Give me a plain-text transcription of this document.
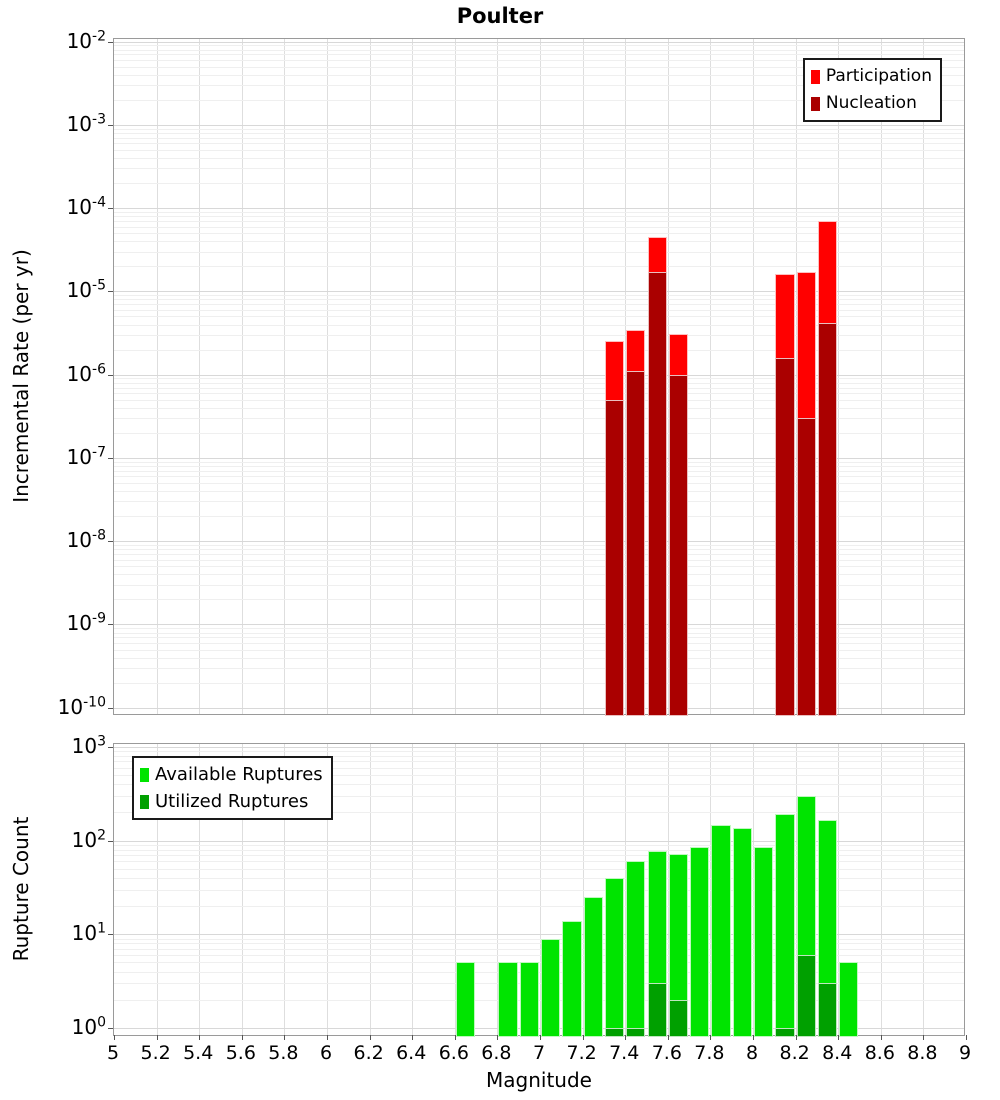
Poulter
Incremental Rate (per yr)
Rupture Count
Participation
Nucleation
Available Ruptures
Utilized Ruptures
Magnitude
$10^{-10}$
$10^{-9}$
$10^{-8}$
$10^{-7}$
$10^{-6}$
$10^{-5}$
$10^{-4}$
$10^{-3}$
$10^{-2}$
5	5.2 5.4 5.6 5.8	6	6.2 6.4 6.6 6.8	7	7.2 7.4 7.6 7.8	8	8.2 8.4 8.6 8.8	9
$10^0$
$10^1$
$10^2$
$10^3$
